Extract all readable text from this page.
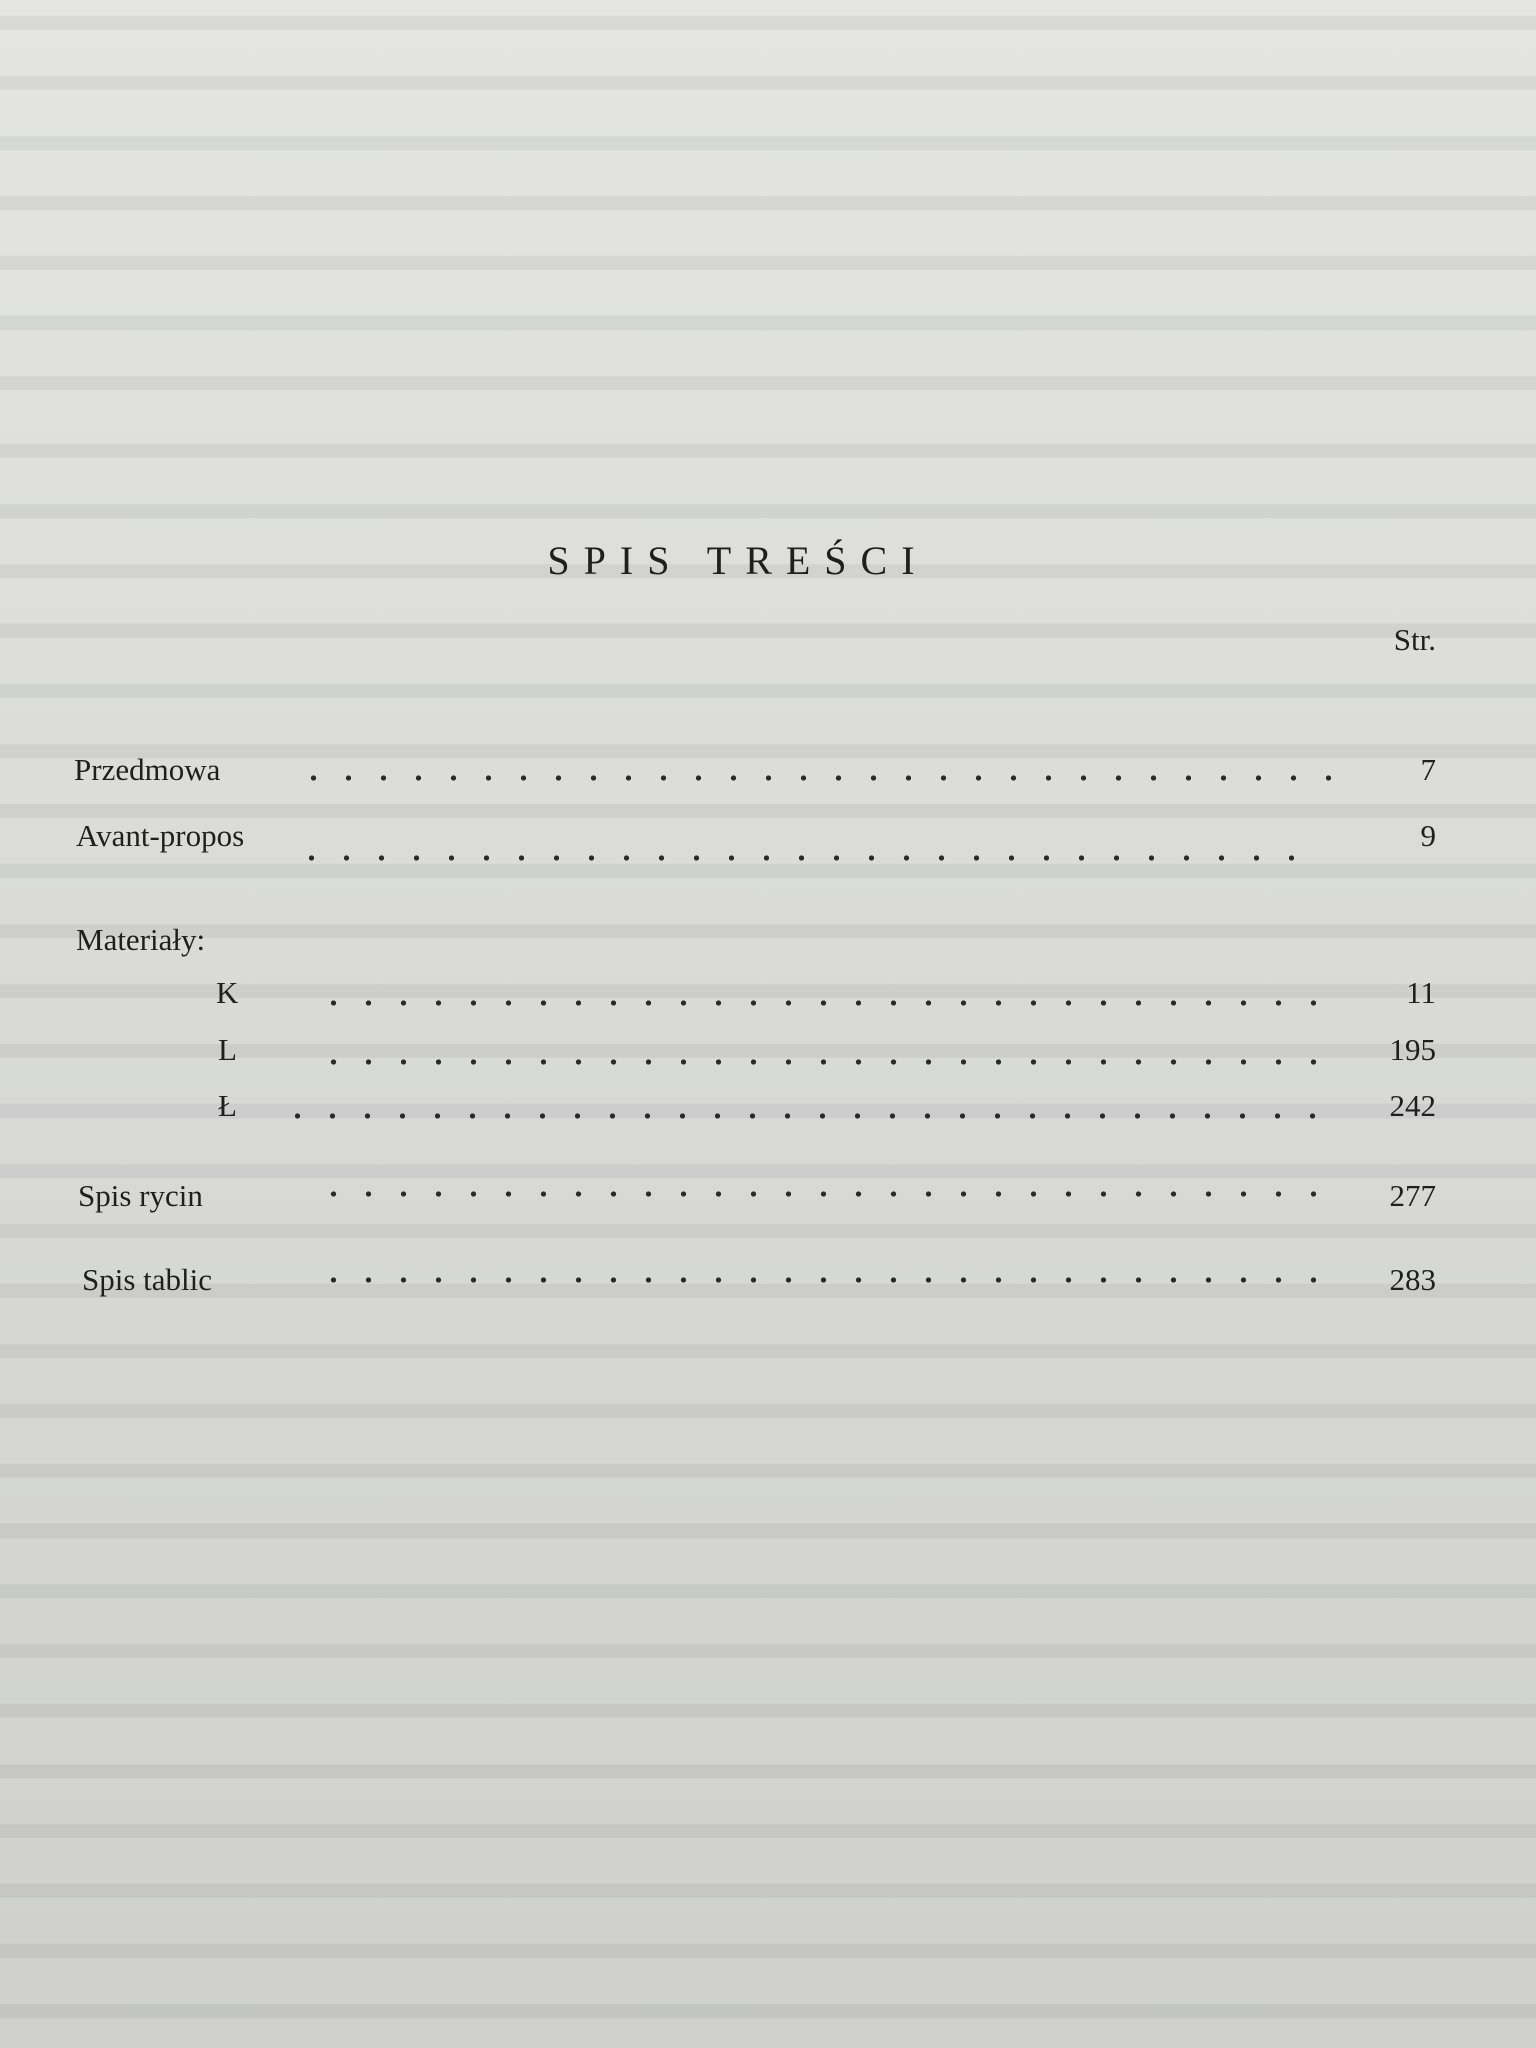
SPIS TREŚCI
Str.
Przedmowa	7
Avant-propos	9
Materiały:
K	11
L	195
Ł	242
Spis rycin	277
Spis tablic	283
